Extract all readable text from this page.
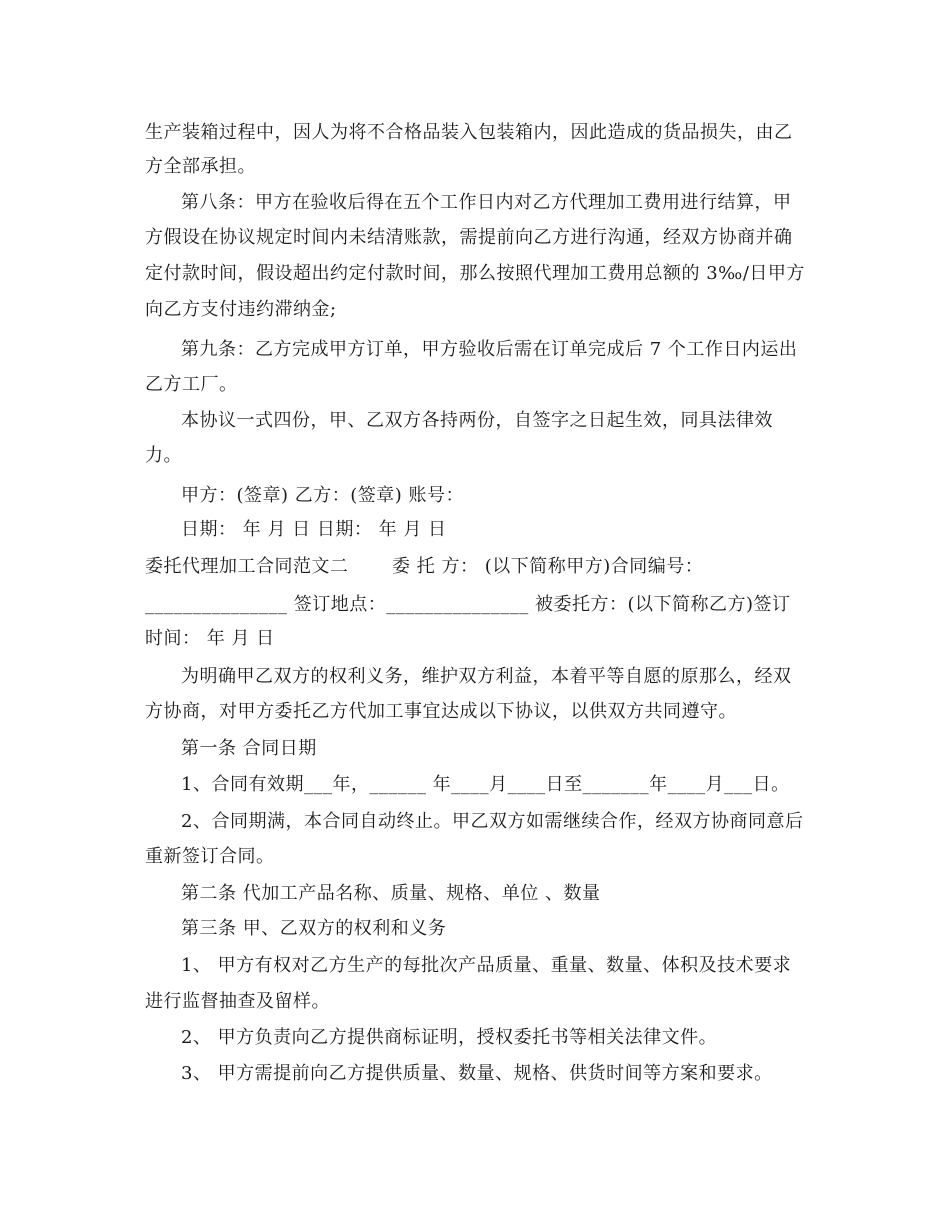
生产装箱过程中，因人为将不合格品装入包装箱内，因此造成的货品损失，由乙

方全部承担。

第八条：甲方在验收后得在五个工作日内对乙方代理加工费用进行结算，甲

方假设在协议规定时间内未结清账款，需提前向乙方进行沟通，经双方协商并确

定付款时间，假设超出约定付款时间，那么按照代理加工费用总额的 3‰/日甲方

向乙方支付违约滞纳金;

第九条：乙方完成甲方订单，甲方验收后需在订单完成后 7 个工作日内运出

乙方工厂。

本协议一式四份，甲、乙双方各持两份，自签字之日起生效，同具法律效

力。

甲方：(签章) 乙方：(签章) 账号：

日期： 年 月 日 日期： 年 月 日

委托代理加工合同范文二       委 托 方： (以下简称甲方)合同编号：

_______________ 签订地点：_______________ 被委托方：(以下简称乙方)签订

时间： 年 月 日

为明确甲乙双方的权利义务，维护双方利益，本着平等自愿的原那么，经双

方协商，对甲方委托乙方代加工事宜达成以下协议，以供双方共同遵守。

第一条 合同日期

1、合同有效期___年，______ 年____月____日至_______年____月___日。

2、合同期满，本合同自动终止。甲乙双方如需继续合作，经双方协商同意后

重新签订合同。

第二条 代加工产品名称、质量、规格、单位 、数量

第三条 甲、乙双方的权利和义务

1、 甲方有权对乙方生产的每批次产品质量、重量、数量、体积及技术要求

进行监督抽查及留样。

2、 甲方负责向乙方提供商标证明，授权委托书等相关法律文件。

3、 甲方需提前向乙方提供质量、数量、规格、供货时间等方案和要求。
